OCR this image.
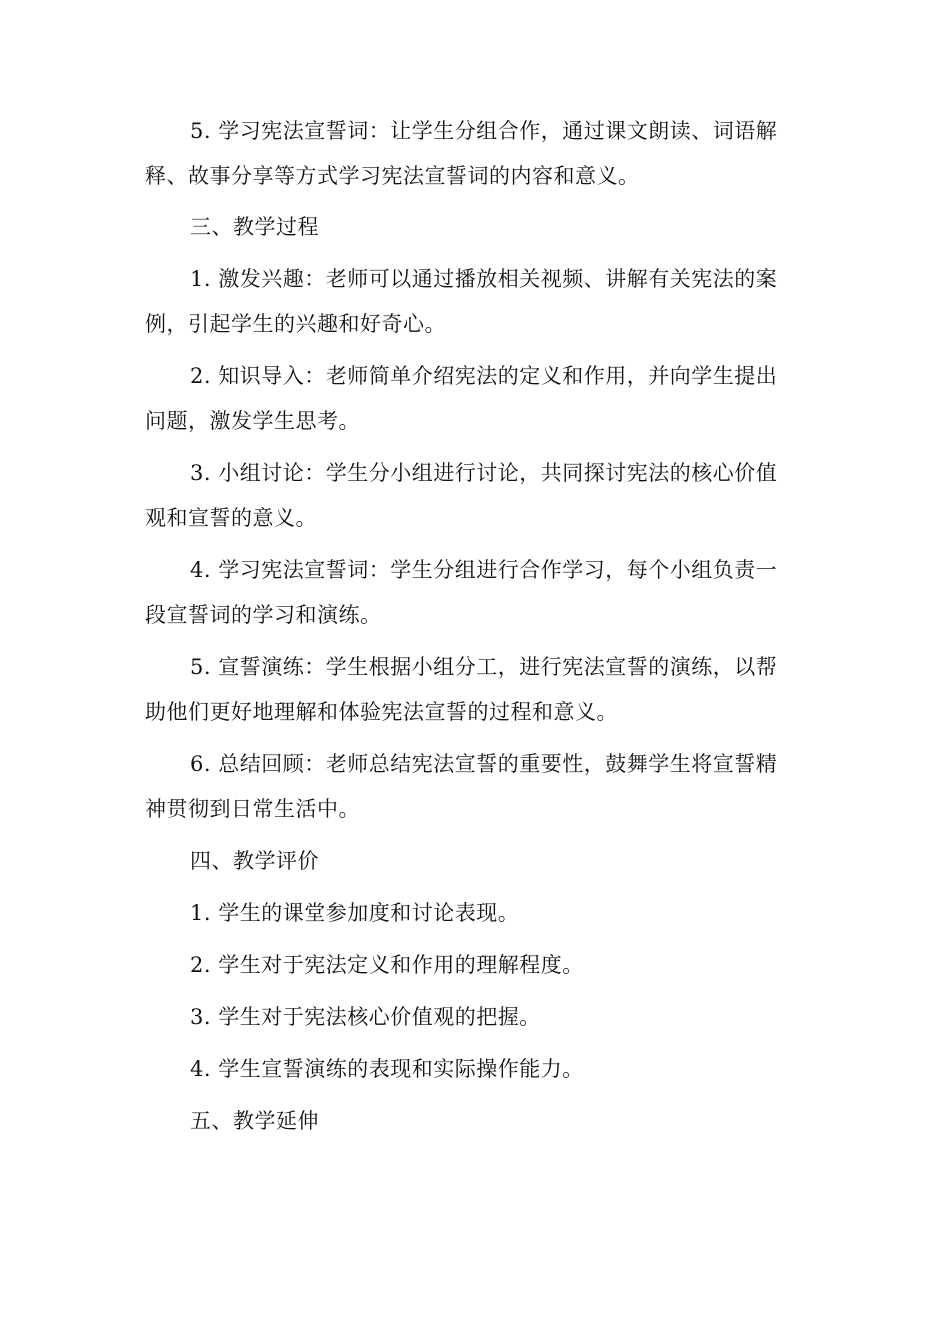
5. 学习宪法宣誓词：让学生分组合作，通过课文朗读、词语解
释、故事分享等方式学习宪法宣誓词的内容和意义。
三、教学过程
1. 激发兴趣：老师可以通过播放相关视频、讲解有关宪法的案
例，引起学生的兴趣和好奇心。
2. 知识导入：老师简单介绍宪法的定义和作用，并向学生提出
问题，激发学生思考。
3. 小组讨论：学生分小组进行讨论，共同探讨宪法的核心价值
观和宣誓的意义。
4. 学习宪法宣誓词：学生分组进行合作学习，每个小组负责一
段宣誓词的学习和演练。
5. 宣誓演练：学生根据小组分工，进行宪法宣誓的演练，以帮
助他们更好地理解和体验宪法宣誓的过程和意义。
6. 总结回顾：老师总结宪法宣誓的重要性，鼓舞学生将宣誓精
神贯彻到日常生活中。
四、教学评价
1. 学生的课堂参加度和讨论表现。
2. 学生对于宪法定义和作用的理解程度。
3. 学生对于宪法核心价值观的把握。
4. 学生宣誓演练的表现和实际操作能力。
五、教学延伸
